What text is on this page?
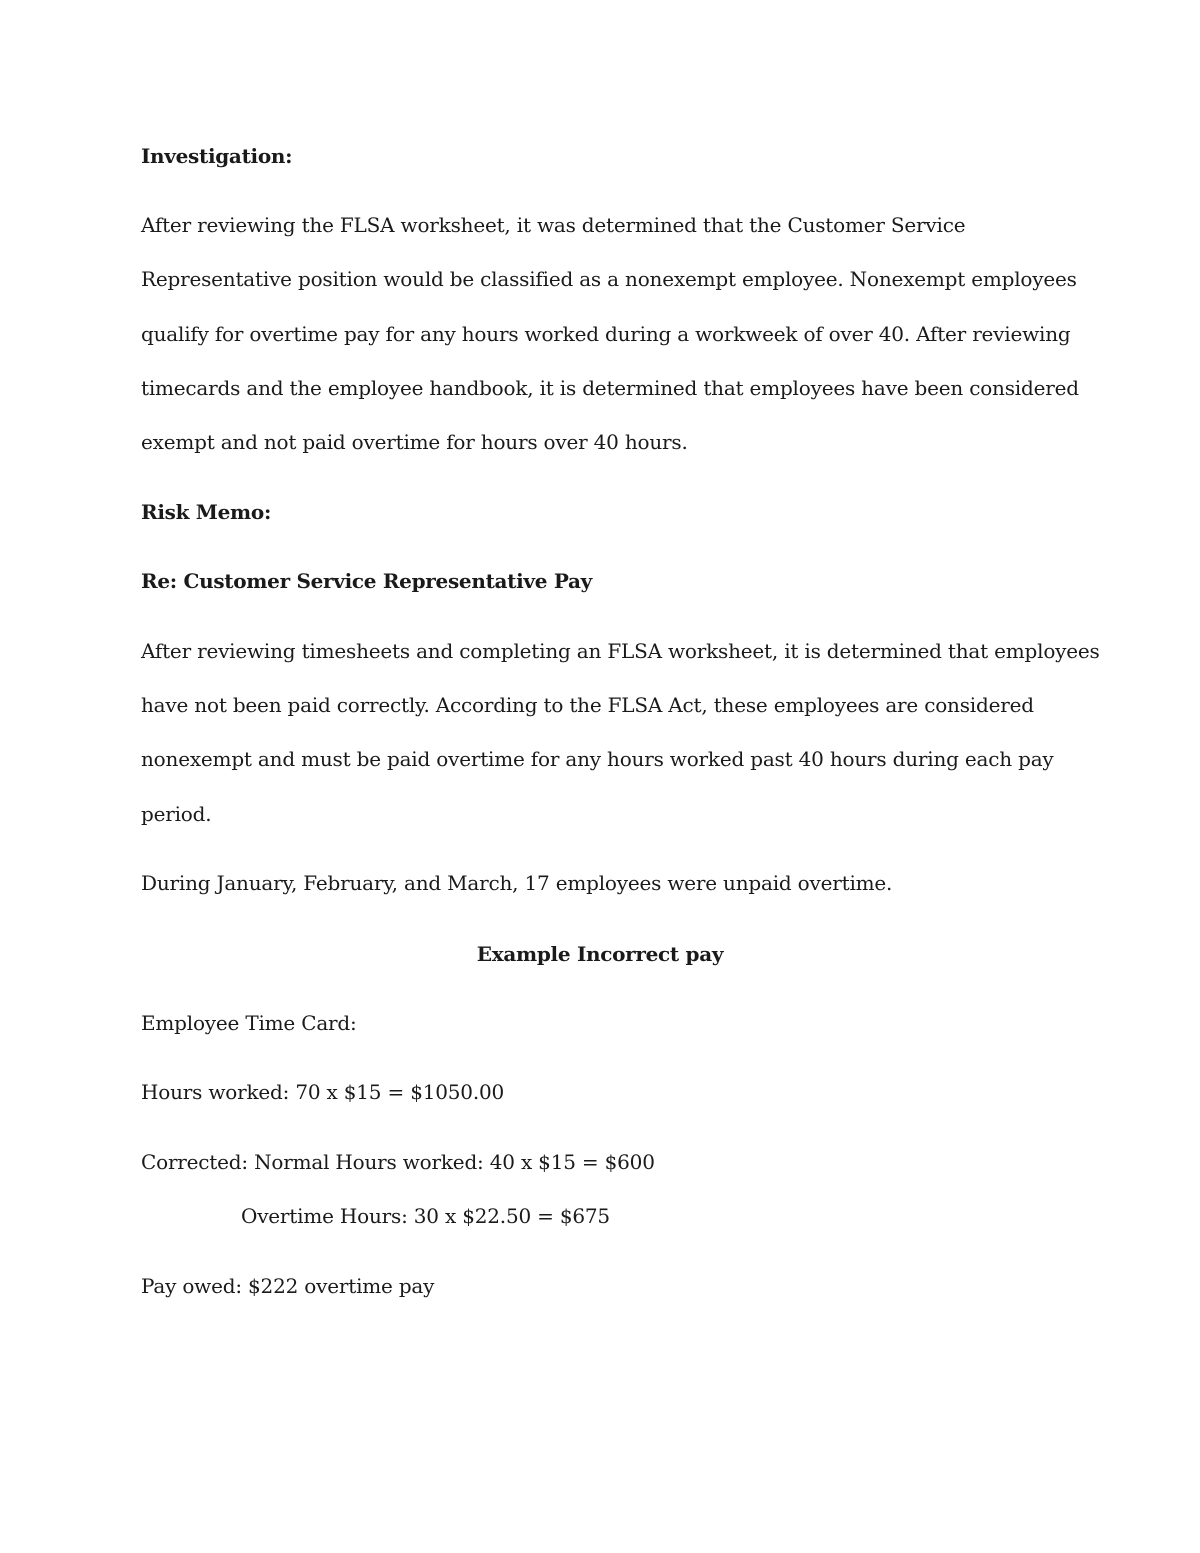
Investigation:

After reviewing the FLSA worksheet, it was determined that the Customer Service

Representative position would be classified as a nonexempt employee. Nonexempt employees

qualify for overtime pay for any hours worked during a workweek of over 40. After reviewing

timecards and the employee handbook, it is determined that employees have been considered

exempt and not paid overtime for hours over 40 hours.

Risk Memo:

Re: Customer Service Representative Pay

After reviewing timesheets and completing an FLSA worksheet, it is determined that employees

have not been paid correctly. According to the FLSA Act, these employees are considered

nonexempt and must be paid overtime for any hours worked past 40 hours during each pay

period.

During January, February, and March, 17 employees were unpaid overtime.

Example Incorrect pay

Employee Time Card:

Hours worked: 70 x $15 = $1050.00

Corrected: Normal Hours worked: 40 x $15 = $600

Overtime Hours: 30 x $22.50 = $675

Pay owed: $222 overtime pay
